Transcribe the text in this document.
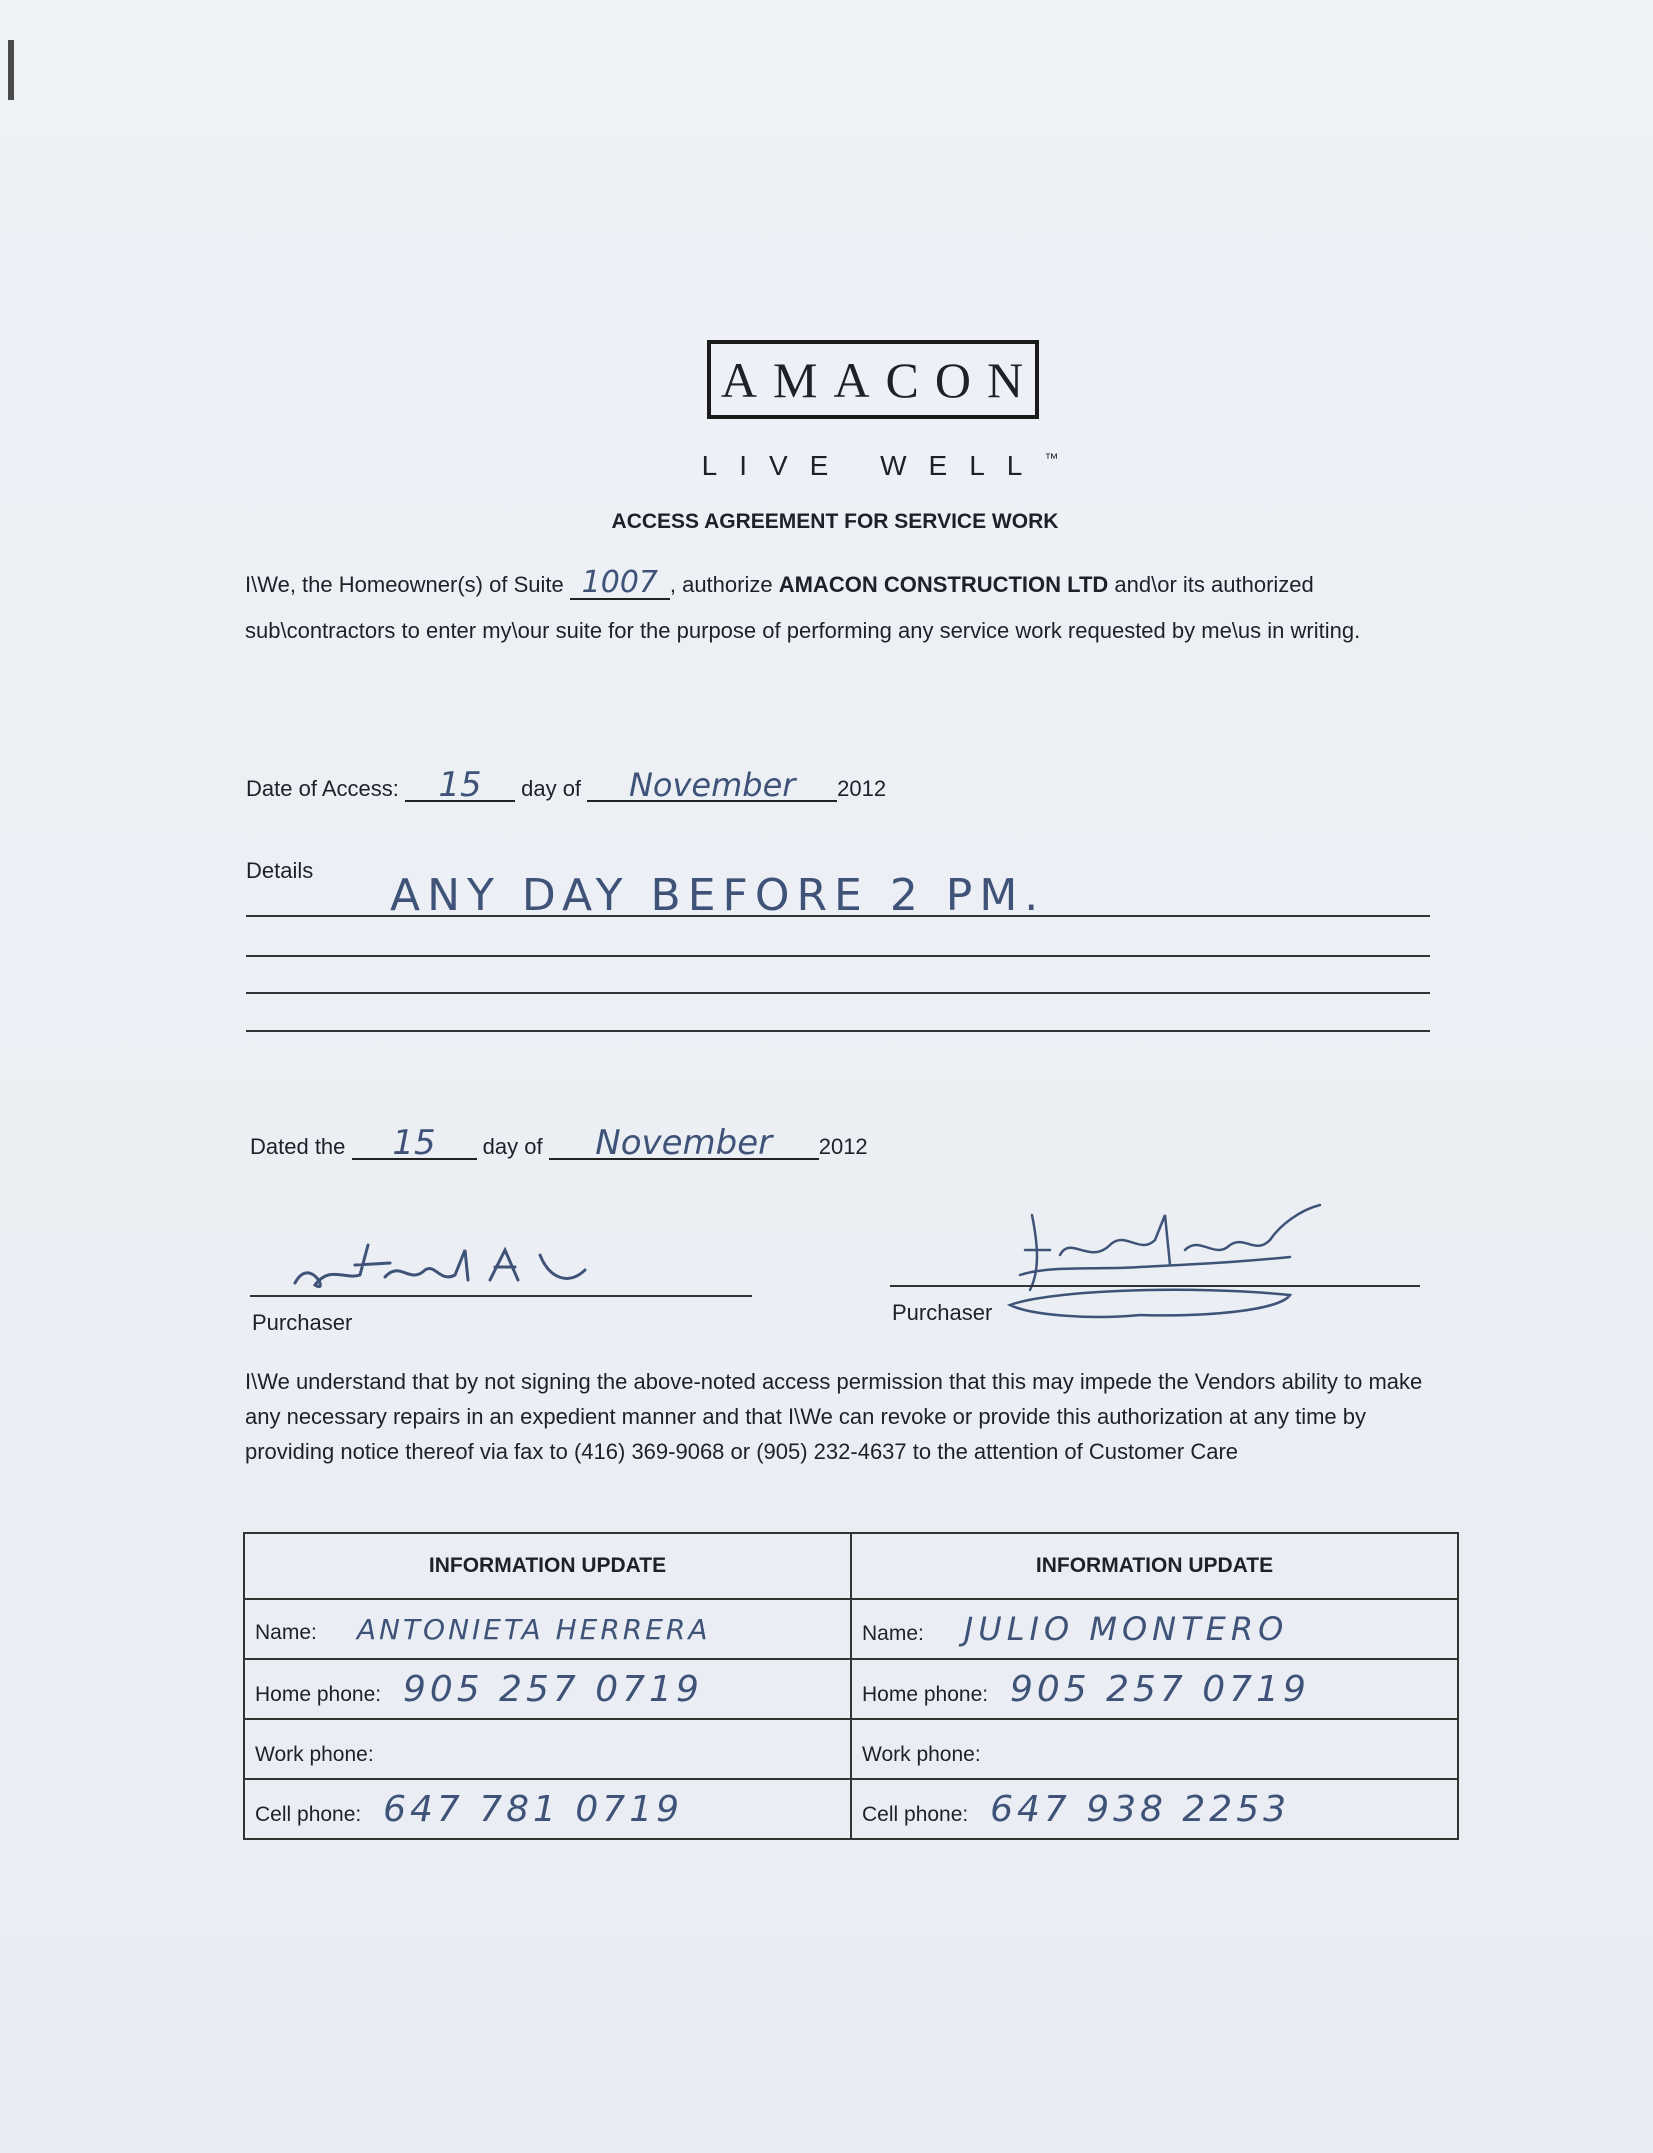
AMACON
LIVE WELL™
ACCESS AGREEMENT FOR SERVICE WORK
I\We, the Homeowner(s) of Suite 1007 , authorize AMACON CONSTRUCTION LTD and\or its authorized sub\contractors to enter my\our suite for the purpose of performing any service work requested by me\us in writing.
Date of Access: 15 day of November 2012
Details ANY DAY BEFORE 2 PM.
Dated the 15 day of November 2012
Purchaser	Purchaser
I\We understand that by not signing the above-noted access permission that this may impede the Vendors ability to make any necessary repairs in an expedient manner and that I\We can revoke or provide this authorization at any time by providing notice thereof via fax to (416) 369-9068 or (905) 232-4637 to the attention of Customer Care
INFORMATION UPDATE	INFORMATION UPDATE
Name: ANTONIETA HERRERA	Name: JULIO MONTERO
Home phone: 905 257 0719	Home phone: 905 257 0719
Work phone:	Work phone:
Cell phone: 647 781 0719	Cell phone: 647 938 2253
